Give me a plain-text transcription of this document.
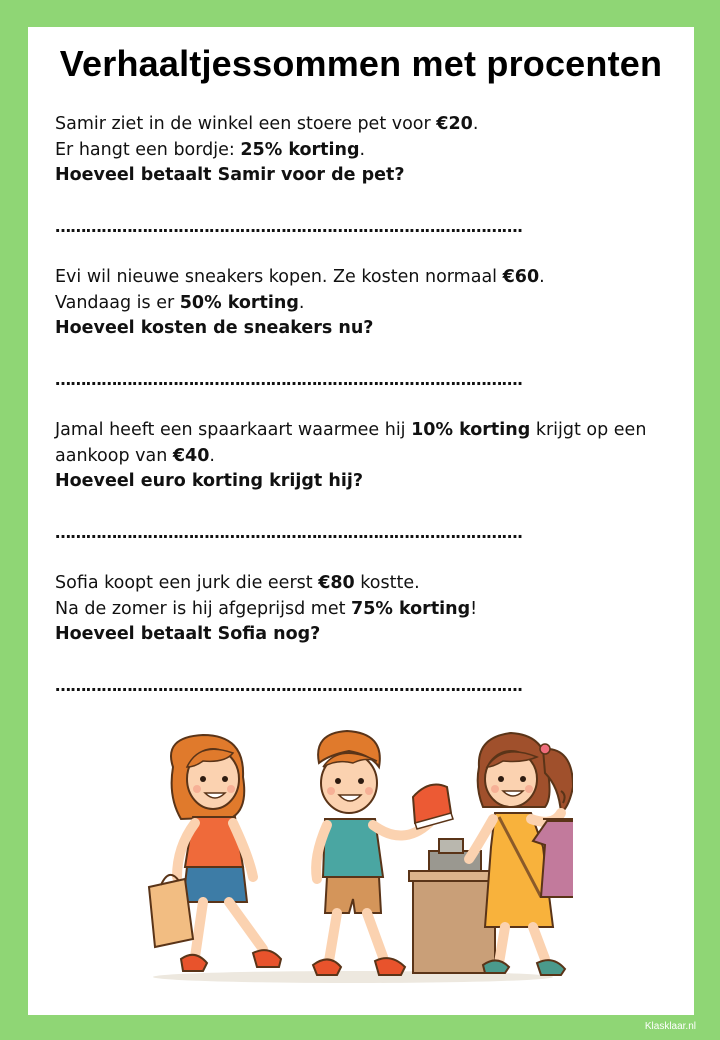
Verhaaltjessommen met procenten

Samir ziet in de winkel een stoere pet voor €20.

Er hangt een bordje: 25% korting.

Hoeveel betaalt Samir voor de pet?

……………………………………………………………………………….

Evi wil nieuwe sneakers kopen. Ze kosten normaal €60.

Vandaag is er 50% korting.

Hoeveel kosten de sneakers nu?

……………………………………………………………………………….

Jamal heeft een spaarkaart waarmee hij 10% korting krijgt op een

aankoop van €40.

Hoeveel euro korting krijgt hij?

……………………………………………………………………………….

Sofia koopt een jurk die eerst €80 kostte.

Na de zomer is hij afgeprijsd met 75% korting!

Hoeveel betaalt Sofia nog?

……………………………………………………………………………….
Klasklaar.nl
